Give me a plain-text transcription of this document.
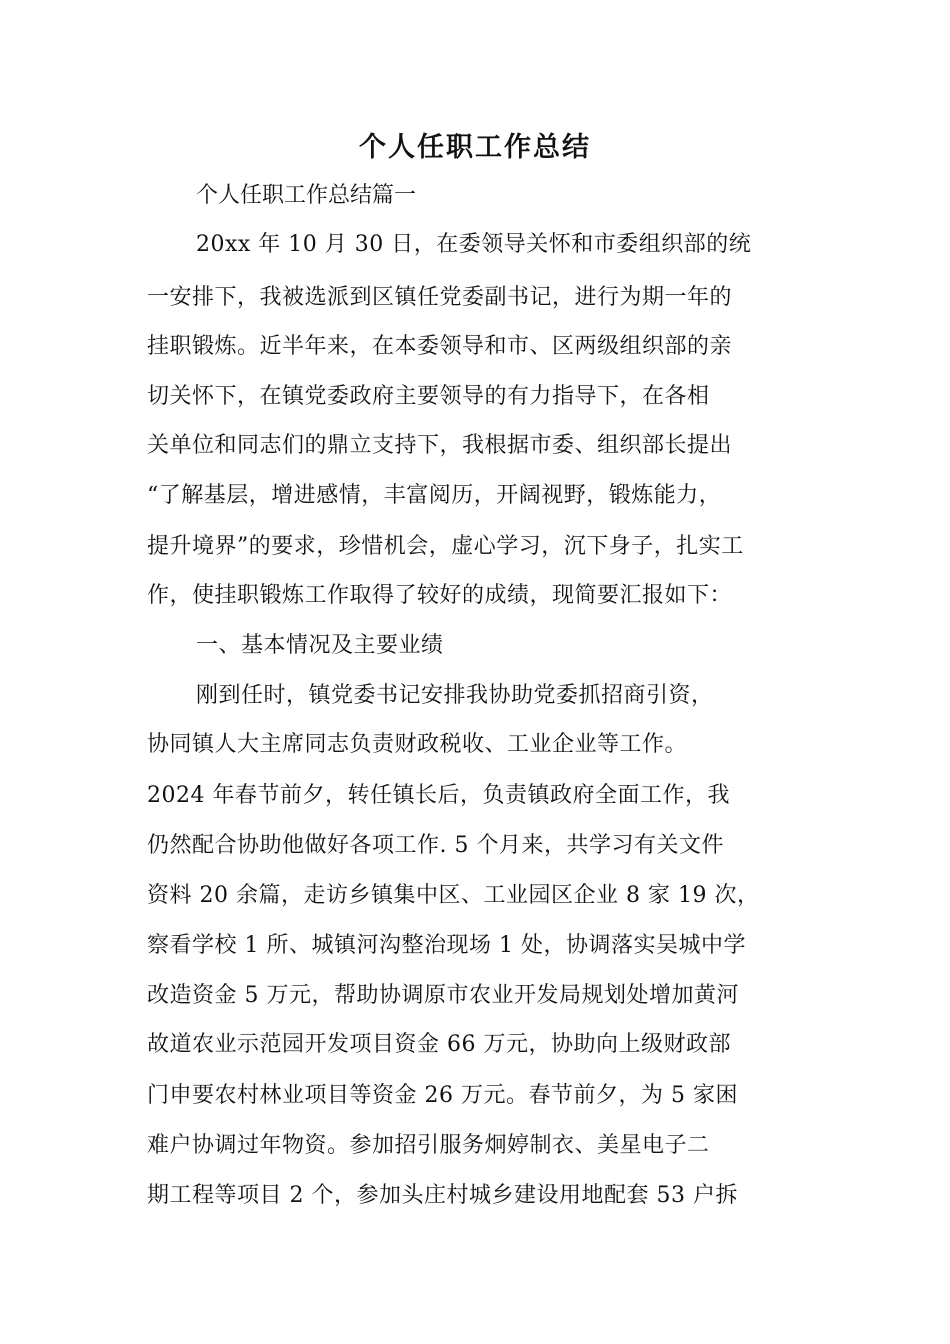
个人任职工作总结
个人任职工作总结篇一
20xx 年 10 月 30 日，在委领导关怀和市委组织部的统
一安排下，我被选派到区镇任党委副书记，进行为期一年的
挂职锻炼。近半年来，在本委领导和市、区两级组织部的亲
切关怀下，在镇党委政府主要领导的有力指导下，在各相
关单位和同志们的鼎立支持下，我根据市委、组织部长提出
“了解基层，增进感情，丰富阅历，开阔视野，锻炼能力，
提升境界”的要求，珍惜机会，虚心学习，沉下身子，扎实工
作，使挂职锻炼工作取得了较好的成绩，现简要汇报如下：
一、基本情况及主要业绩
刚到任时，镇党委书记安排我协助党委抓招商引资，
协同镇人大主席同志负责财政税收、工业企业等工作。
2024 年春节前夕，转任镇长后，负责镇政府全面工作，我
仍然配合协助他做好各项工作. 5 个月来，共学习有关文件
资料 20 余篇，走访乡镇集中区、工业园区企业 8 家 19 次，
察看学校 1 所、城镇河沟整治现场 1 处，协调落实吴城中学
改造资金 5 万元，帮助协调原市农业开发局规划处增加黄河
故道农业示范园开发项目资金 66 万元，协助向上级财政部
门申要农村林业项目等资金 26 万元。春节前夕，为 5 家困
难户协调过年物资。参加招引服务炯婷制衣、美星电子二
期工程等项目 2 个，参加头庄村城乡建设用地配套 53 户拆
